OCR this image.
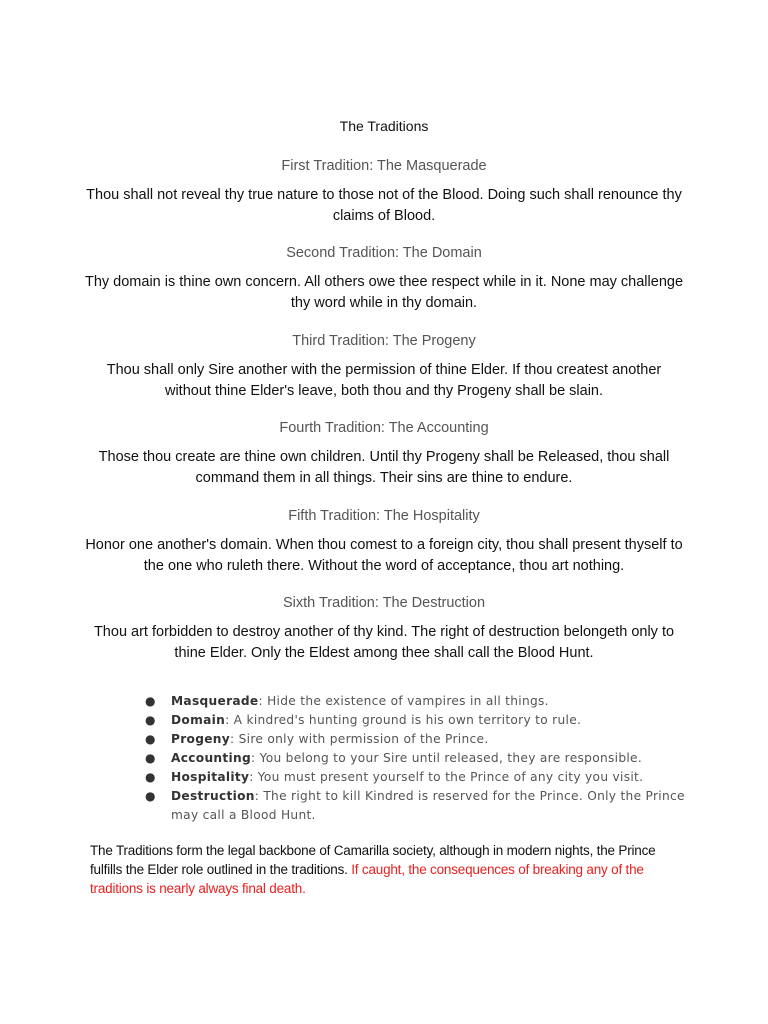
The Traditions

First Tradition: The Masquerade

Thou shall not reveal thy true nature to those not of the Blood. Doing such shall renounce thy claims of Blood.

Second Tradition: The Domain

Thy domain is thine own concern. All others owe thee respect while in it. None may challenge thy word while in thy domain.

Third Tradition: The Progeny

Thou shall only Sire another with the permission of thine Elder. If thou createst another without thine Elder's leave, both thou and thy Progeny shall be slain.

Fourth Tradition: The Accounting

Those thou create are thine own children. Until thy Progeny shall be Released, thou shall command them in all things. Their sins are thine to endure.

Fifth Tradition: The Hospitality

Honor one another's domain. When thou comest to a foreign city, thou shall present thyself to the one who ruleth there. Without the word of acceptance, thou art nothing.

Sixth Tradition: The Destruction

Thou art forbidden to destroy another of thy kind. The right of destruction belongeth only to thine Elder. Only the Eldest among thee shall call the Blood Hunt.

● Masquerade: Hide the existence of vampires in all things.
● Domain: A kindred's hunting ground is his own territory to rule.
● Progeny: Sire only with permission of the Prince.
● Accounting: You belong to your Sire until released, they are responsible.
● Hospitality: You must present yourself to the Prince of any city you visit.
● Destruction: The right to kill Kindred is reserved for the Prince. Only the Prince may call a Blood Hunt.

The Traditions form the legal backbone of Camarilla society, although in modern nights, the Prince fulfills the Elder role outlined in the traditions. If caught, the consequences of breaking any of the traditions is nearly always final death.
